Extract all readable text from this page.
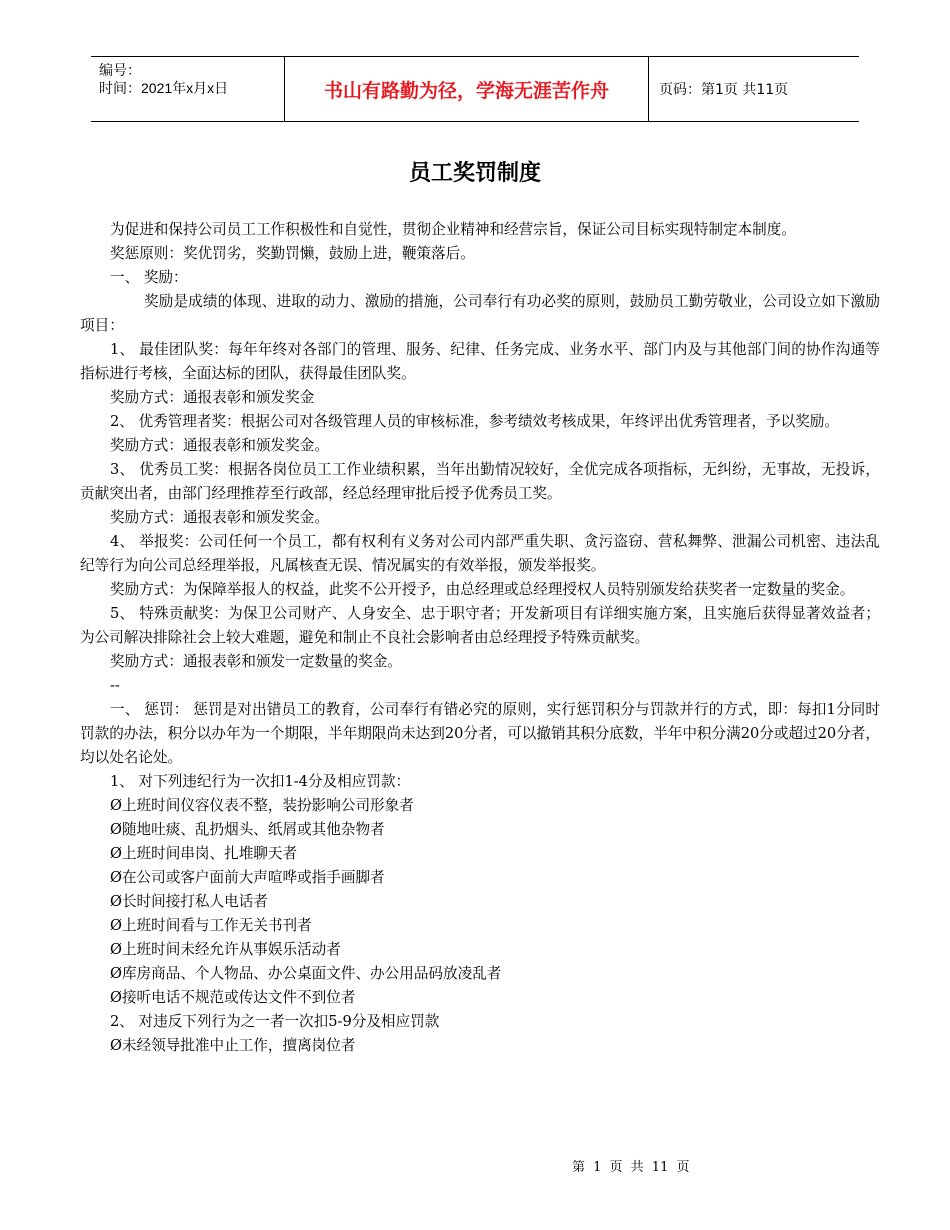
编号：
时间：2021年x月x日	书山有路勤为径，学海无涯苦作舟	页码：第1页 共11页
员工奖罚制度

为促进和保持公司员工工作积极性和自觉性，贯彻企业精神和经营宗旨，保证公司目标实现特制定本制度。

奖惩原则：奖优罚劣，奖勤罚懒，鼓励上进，鞭策落后。

一、 奖励：

奖励是成绩的体现、进取的动力、激励的措施，公司奉行有功必奖的原则，鼓励员工勤劳敬业，公司设立如下激励项目：

1、 最佳团队奖：每年年终对各部门的管理、服务、纪律、任务完成、业务水平、部门内及与其他部门间的协作沟通等指标进行考核，全面达标的团队，获得最佳团队奖。

奖励方式：通报表彰和颁发奖金

2、 优秀管理者奖：根据公司对各级管理人员的审核标准，参考绩效考核成果，年终评出优秀管理者，予以奖励。

奖励方式：通报表彰和颁发奖金。

3、 优秀员工奖：根据各岗位员工工作业绩积累，当年出勤情况较好，全优完成各项指标，无纠纷，无事故，无投诉，贡献突出者，由部门经理推荐至行政部，经总经理审批后授予优秀员工奖。

奖励方式：通报表彰和颁发奖金。

4、 举报奖：公司任何一个员工，都有权利有义务对公司内部严重失职、贪污盗窃、营私舞弊、泄漏公司机密、违法乱纪等行为向公司总经理举报，凡属核查无误、情况属实的有效举报，颁发举报奖。

奖励方式：为保障举报人的权益，此奖不公开授予，由总经理或总经理授权人员特别颁发给获奖者一定数量的奖金。

5、 特殊贡献奖：为保卫公司财产、人身安全、忠于职守者；开发新项目有详细实施方案，且实施后获得显著效益者；为公司解决排除社会上较大难题，避免和制止不良社会影响者由总经理授予特殊贡献奖。

奖励方式：通报表彰和颁发一定数量的奖金。

--

一、 惩罚： 惩罚是对出错员工的教育，公司奉行有错必究的原则，实行惩罚积分与罚款并行的方式，即：每扣1分同时罚款的办法，积分以办年为一个期限，半年期限尚未达到20分者，可以撤销其积分底数，半年中积分满20分或超过20分者，均以处名论处。

1、 对下列违纪行为一次扣1-4分及相应罚款：

Ø上班时间仪容仪表不整，装扮影响公司形象者

Ø随地吐痰、乱扔烟头、纸屑或其他杂物者

Ø上班时间串岗、扎堆聊天者

Ø在公司或客户面前大声喧哗或指手画脚者

Ø长时间接打私人电话者

Ø上班时间看与工作无关书刊者

Ø上班时间未经允许从事娱乐活动者

Ø库房商品、个人物品、办公桌面文件、办公用品码放凌乱者

Ø接听电话不规范或传达文件不到位者

2、 对违反下列行为之一者一次扣5-9分及相应罚款

Ø未经领导批准中止工作，擅离岗位者

第 1 页 共 11 页
